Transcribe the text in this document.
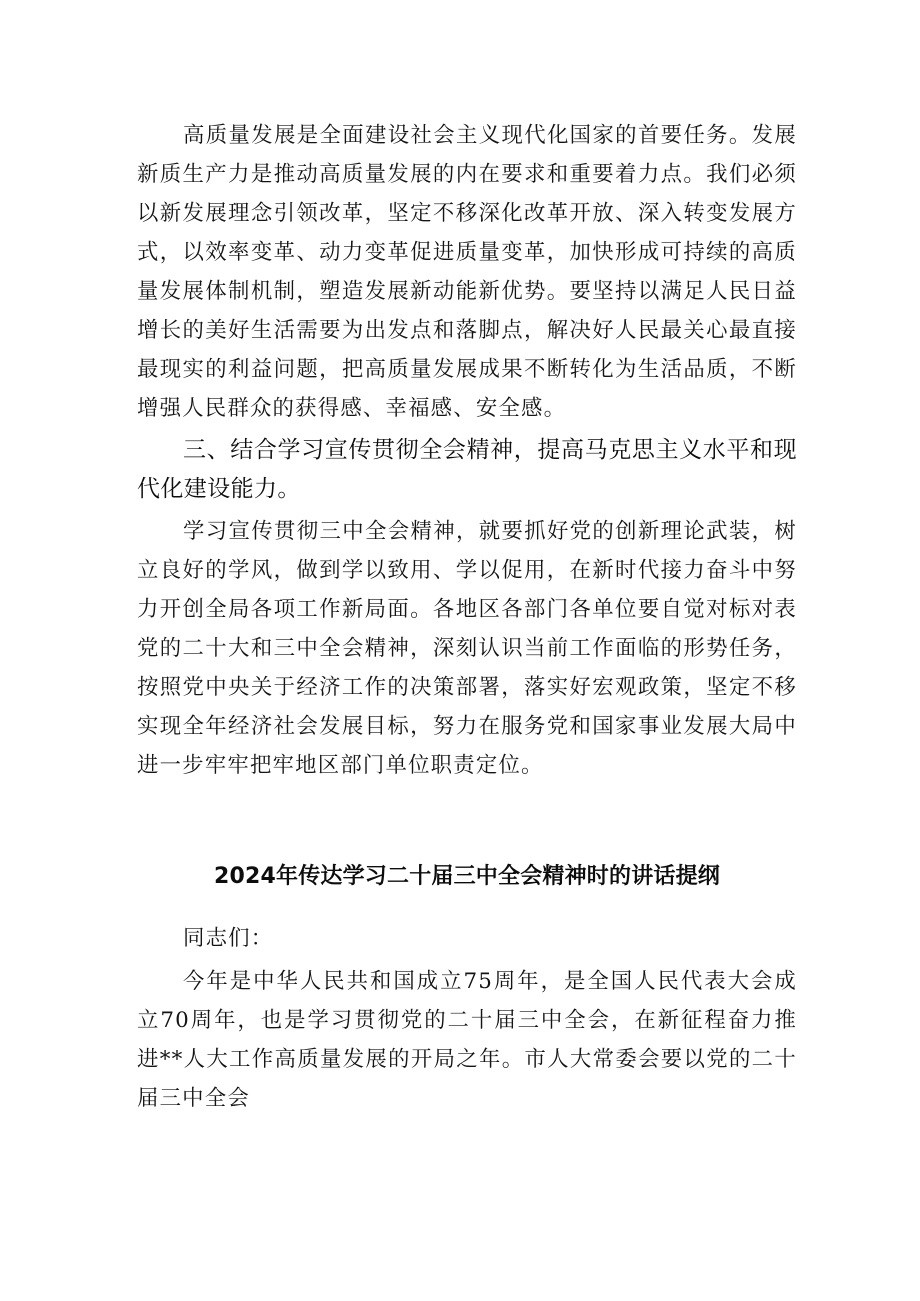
高质量发展是全面建设社会主义现代化国家的首要任务。发展新质生产力是推动高质量发展的内在要求和重要着力点。我们必须以新发展理念引领改革，坚定不移深化改革开放、深入转变发展方式，以效率变革、动力变革促进质量变革，加快形成可持续的高质量发展体制机制，塑造发展新动能新优势。要坚持以满足人民日益增长的美好生活需要为出发点和落脚点，解决好人民最关心最直接最现实的利益问题，把高质量发展成果不断转化为生活品质，不断增强人民群众的获得感、幸福感、安全感。

三、结合学习宣传贯彻全会精神，提高马克思主义水平和现代化建设能力。

学习宣传贯彻三中全会精神，就要抓好党的创新理论武装，树立良好的学风，做到学以致用、学以促用，在新时代接力奋斗中努力开创全局各项工作新局面。各地区各部门各单位要自觉对标对表党的二十大和三中全会精神，深刻认识当前工作面临的形势任务，按照党中央关于经济工作的决策部署，落实好宏观政策，坚定不移实现全年经济社会发展目标，努力在服务党和国家事业发展大局中进一步牢牢把牢地区部门单位职责定位。

2024年传达学习二十届三中全会精神时的讲话提纲

同志们：

今年是中华人民共和国成立75周年，是全国人民代表大会成立70周年，也是学习贯彻党的二十届三中全会，在新征程奋力推进**人大工作高质量发展的开局之年。市人大常委会要以党的二十届三中全会
